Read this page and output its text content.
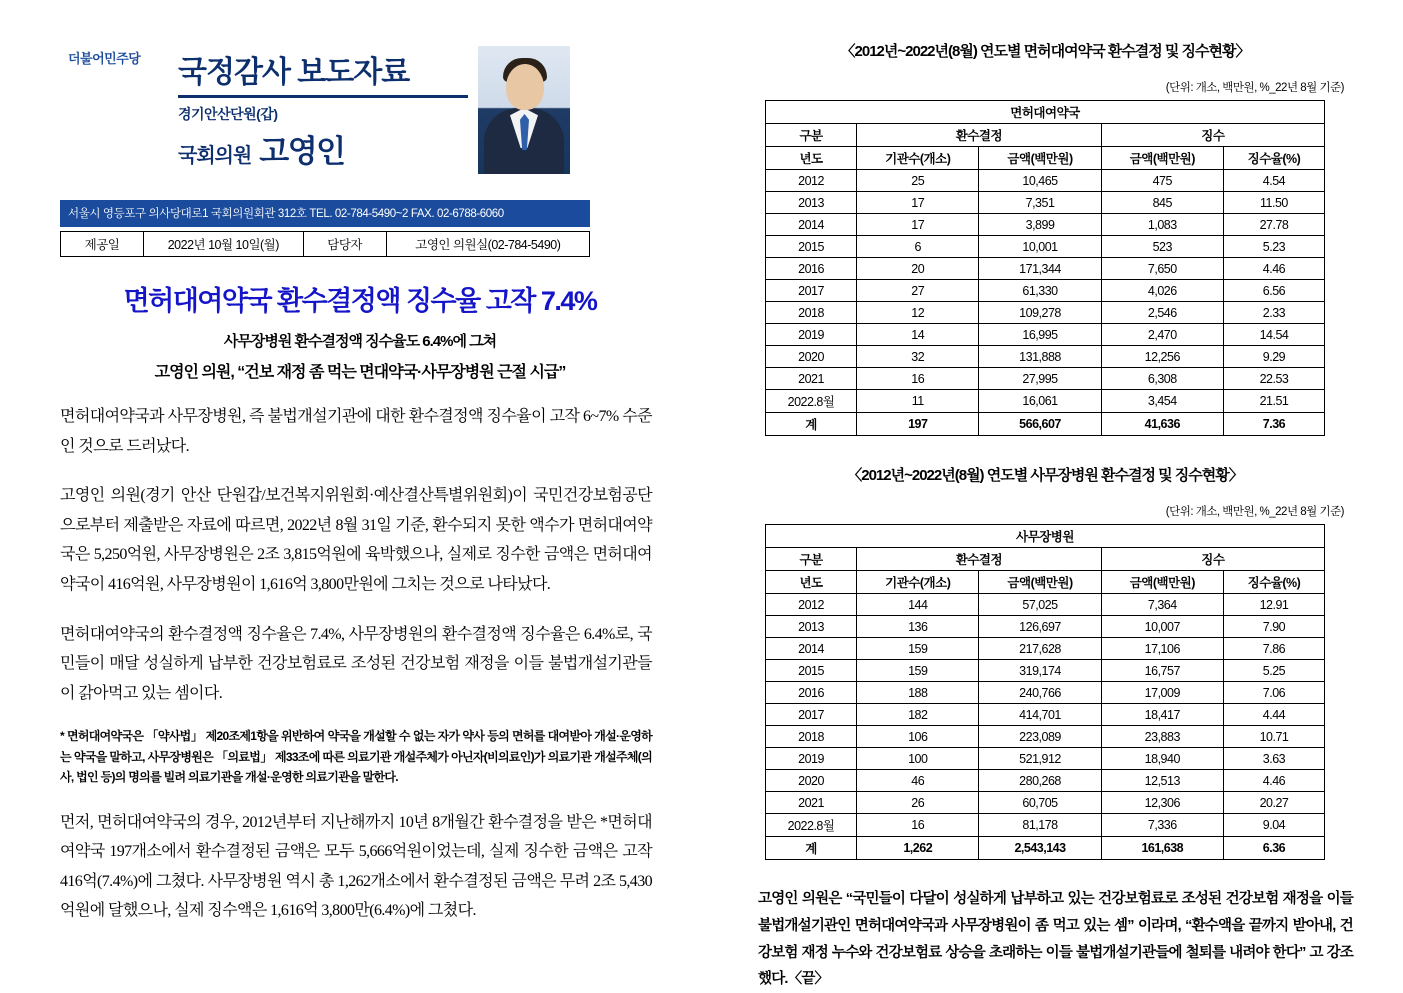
더불어민주당 국정감사 보도자료
경기안산단원(갑)
국회의원 고영인
서울시 영등포구 의사당대로1 국회의원회관 312호 TEL. 02-784-5490~2 FAX. 02-6788-6060
제공일	2022년 10월 10일(월)	담당자	고영인 의원실(02-784-5490)
면허대여약국 환수결정액 징수율 고작 7.4%
사무장병원 환수결정액 징수율도 6.4%에 그쳐
고영인 의원, “건보 재정 좀 먹는 면대약국·사무장병원 근절 시급”
면허대여약국과 사무장병원, 즉 불법개설기관에 대한 환수결정액 징수율이 고작 6~7% 수준인 것으로 드러났다.
고영인 의원(경기 안산 단원갑/보건복지위원회·예산결산특별위원회)이 국민건강보험공단으로부터 제출받은 자료에 따르면, 2022년 8월 31일 기준, 환수되지 못한 액수가 면허대여약국은 5,250억원, 사무장병원은 2조 3,815억원에 육박했으나, 실제로 징수한 금액은 면허대여약국이 416억원, 사무장병원이 1,616억 3,800만원에 그치는 것으로 나타났다.
면허대여약국의 환수결정액 징수율은 7.4%, 사무장병원의 환수결정액 징수율은 6.4%로, 국민들이 매달 성실하게 납부한 건강보험료로 조성된 건강보험 재정을 이들 불법개설기관들이 갉아먹고 있는 셈이다.
* 면허대여약국은 「약사법」 제20조제1항을 위반하여 약국을 개설할 수 없는 자가 약사 등의 면허를 대여받아 개설·운영하는 약국을 말하고, 사무장병원은 「의료법」 제33조에 따른 의료기관 개설주체가 아닌자(비의료인)가 의료기관 개설주체(의사, 법인 등)의 명의를 빌려 의료기관을 개설·운영한 의료기관을 말한다.
먼저, 면허대여약국의 경우, 2012년부터 지난해까지 10년 8개월간 환수결정을 받은 *면허대여약국 197개소에서 환수결정된 금액은 모두 5,666억원이었는데, 실제 징수한 금액은 고작 416억(7.4%)에 그쳤다. 사무장병원 역시 총 1,262개소에서 환수결정된 금액은 무려 2조 5,430억원에 달했으나, 실제 징수액은 1,616억 3,800만(6.4%)에 그쳤다.
〈2012년~2022년(8월) 연도별 면허대여약국 환수결정 및 징수현황〉
(단위: 개소, 백만원, %_22년 8월 기준)
면허대여약국				
구분	환수결정		징수	
년도	기관수(개소)	금액(백만원)	금액(백만원)	징수율(%)
2012	25	10,465	475	4.54
2013	17	7,351	845	11.50
2014	17	3,899	1,083	27.78
2015	6	10,001	523	5.23
2016	20	171,344	7,650	4.46
2017	27	61,330	4,026	6.56
2018	12	109,278	2,546	2.33
2019	14	16,995	2,470	14.54
2020	32	131,888	12,256	9.29
2021	16	27,995	6,308	22.53
2022.8월	11	16,061	3,454	21.51
계	197	566,607	41,636	7.36
〈2012년~2022년(8월) 연도별 사무장병원 환수결정 및 징수현황〉
(단위: 개소, 백만원, %_22년 8월 기준)
사무장병원				
구분	환수결정		징수	
년도	기관수(개소)	금액(백만원)	금액(백만원)	징수율(%)
2012	144	57,025	7,364	12.91
2013	136	126,697	10,007	7.90
2014	159	217,628	17,106	7.86
2015	159	319,174	16,757	5.25
2016	188	240,766	17,009	7.06
2017	182	414,701	18,417	4.44
2018	106	223,089	23,883	10.71
2019	100	521,912	18,940	3.63
2020	46	280,268	12,513	4.46
2021	26	60,705	12,306	20.27
2022.8월	16	81,178	7,336	9.04
계	1,262	2,543,143	161,638	6.36
고영인 의원은 “국민들이 다달이 성실하게 납부하고 있는 건강보험료로 조성된 건강보험 재정을 이들 불법개설기관인 면허대여약국과 사무장병원이 좀 먹고 있는 셈” 이라며, “환수액을 끝까지 받아내, 건강보험 재정 누수와 건강보험료 상승을 초래하는 이들 불법개설기관들에 철퇴를 내려야 한다” 고 강조했다.〈끝〉
